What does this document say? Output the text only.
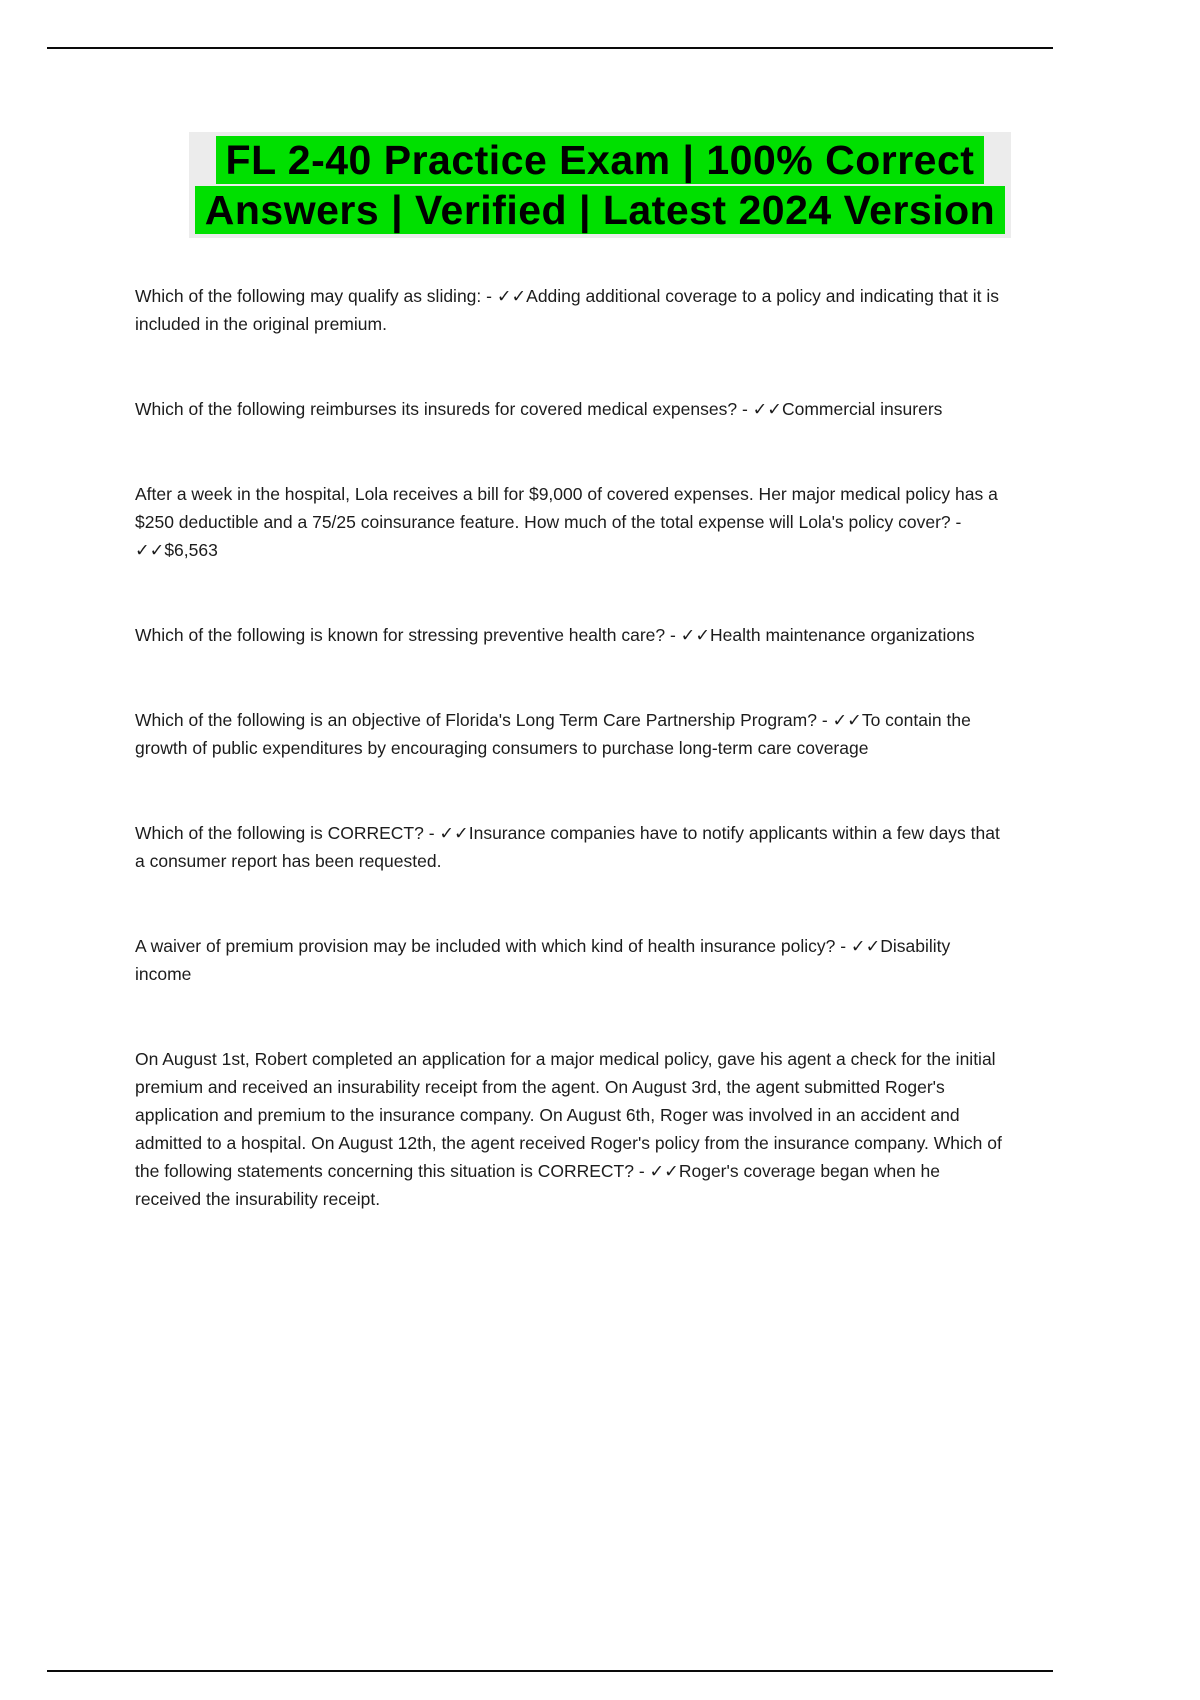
FL 2-40 Practice Exam | 100% Correct
Answers | Verified | Latest 2024 Version

Which of the following may qualify as sliding: - ✓✓Adding additional coverage to a policy and indicating that it is included in the original premium.

Which of the following reimburses its insureds for covered medical expenses? - ✓✓Commercial insurers

After a week in the hospital, Lola receives a bill for $9,000 of covered expenses. Her major medical policy has a $250 deductible and a 75/25 coinsurance feature. How much of the total expense will Lola's policy cover? - ✓✓$6,563

Which of the following is known for stressing preventive health care? - ✓✓Health maintenance organizations

Which of the following is an objective of Florida's Long Term Care Partnership Program? - ✓✓To contain the growth of public expenditures by encouraging consumers to purchase long-term care coverage

Which of the following is CORRECT? - ✓✓Insurance companies have to notify applicants within a few days that a consumer report has been requested.

A waiver of premium provision may be included with which kind of health insurance policy? - ✓✓Disability income

On August 1st, Robert completed an application for a major medical policy, gave his agent a check for the initial premium and received an insurability receipt from the agent. On August 3rd, the agent submitted Roger's application and premium to the insurance company. On August 6th, Roger was involved in an accident and admitted to a hospital. On August 12th, the agent received Roger's policy from the insurance company. Which of the following statements concerning this situation is CORRECT? - ✓✓Roger's coverage began when he received the insurability receipt.
